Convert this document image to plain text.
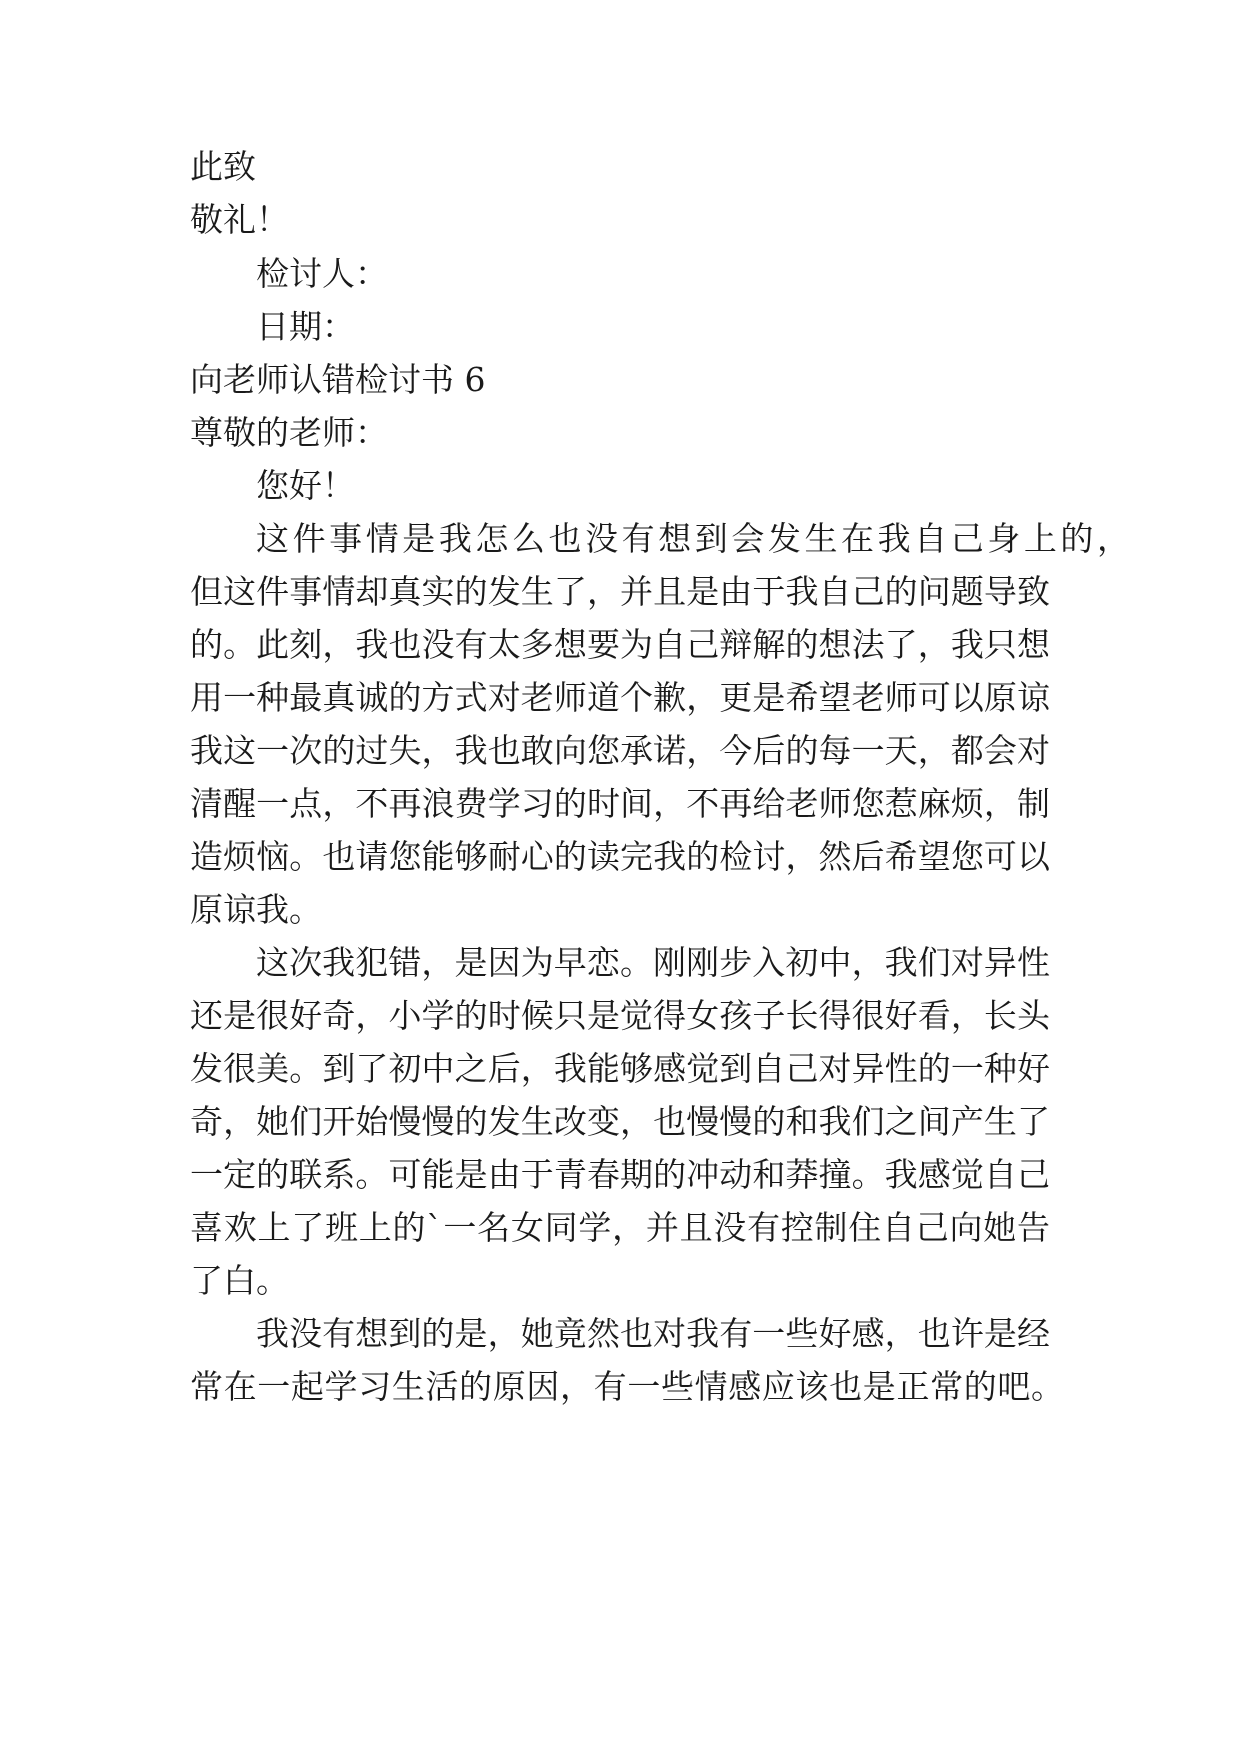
此致
敬礼！
检讨人：
日期：
向老师认错检讨书 6
尊敬的老师：
您好！
这件事情是我怎么也没有想到会发生在我自己身上的，
但这件事情却真实的发生了，并且是由于我自己的问题导致
的。此刻，我也没有太多想要为自己辩解的想法了，我只想
用一种最真诚的方式对老师道个歉，更是希望老师可以原谅
我这一次的过失，我也敢向您承诺，今后的每一天，都会对
清醒一点，不再浪费学习的时间，不再给老师您惹麻烦，制
造烦恼。也请您能够耐心的读完我的检讨，然后希望您可以
原谅我。
这次我犯错，是因为早恋。刚刚步入初中，我们对异性
还是很好奇，小学的时候只是觉得女孩子长得很好看，长头
发很美。到了初中之后，我能够感觉到自己对异性的一种好
奇，她们开始慢慢的发生改变，也慢慢的和我们之间产生了
一定的联系。可能是由于青春期的冲动和莽撞。我感觉自己
喜欢上了班上的`一名女同学，并且没有控制住自己向她告
了白。
我没有想到的是，她竟然也对我有一些好感，也许是经
常在一起学习生活的原因，有一些情感应该也是正常的吧。
